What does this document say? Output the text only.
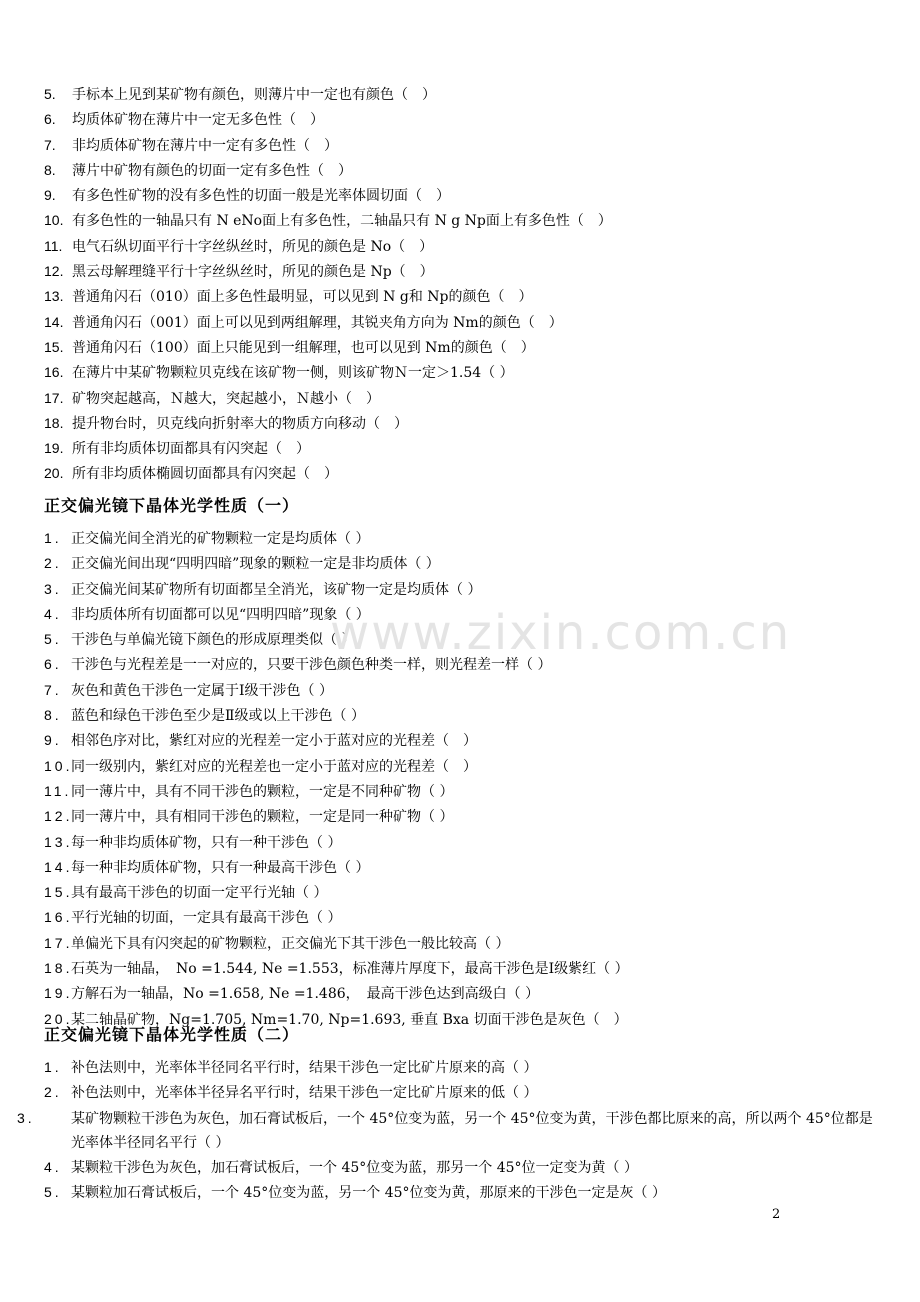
5. 手标本上见到某矿物有颜色，则薄片中一定也有颜色（　）
6. 均质体矿物在薄片中一定无多色性（　）
7. 非均质体矿物在薄片中一定有多色性（　）
8. 薄片中矿物有颜色的切面一定有多色性（　）
9. 有多色性矿物的没有多色性的切面一般是光率体圆切面（　）
10. 有多色性的一轴晶只有 N eNo面上有多色性，二轴晶只有 N g Np面上有多色性（　）
11. 电气石纵切面平行十字丝纵丝时，所见的颜色是 No（　）
12. 黑云母解理缝平行十字丝纵丝时，所见的颜色是 Np（　）
13. 普通角闪石（010）面上多色性最明显，可以见到 N g和 Np的颜色（　）
14. 普通角闪石（001）面上可以见到两组解理，其锐夹角方向为 Nm的颜色（　）
15. 普通角闪石（100）面上只能见到一组解理，也可以见到 Nm的颜色（　）
16. 在薄片中某矿物颗粒贝克线在该矿物一侧，则该矿物Ｎ一定＞1.54（ ）
17. 矿物突起越高，Ｎ越大，突起越小，Ｎ越小（　）
18. 提升物台时，贝克线向折射率大的物质方向移动（　）
19. 所有非均质体切面都具有闪突起（　）
20. 所有非均质体椭圆切面都具有闪突起（　）
正交偏光镜下晶体光学性质（一）
1. 正交偏光间全消光的矿物颗粒一定是均质体（ ）
2. 正交偏光间出现“四明四暗”现象的颗粒一定是非均质体（ ）
3. 正交偏光间某矿物所有切面都呈全消光，该矿物一定是均质体（ ）
4. 非均质体所有切面都可以见“四明四暗”现象（ ）
5. 干涉色与单偏光镜下颜色的形成原理类似（ ）
6. 干涉色与光程差是一一对应的，只要干涉色颜色种类一样，则光程差一样（ ）
7. 灰色和黄色干涉色一定属于Ⅰ级干涉色（ ）
8. 蓝色和绿色干涉色至少是Ⅱ级或以上干涉色（ ）
9. 相邻色序对比，紫红对应的光程差一定小于蓝对应的光程差（　）
10.同一级别内，紫红对应的光程差也一定小于蓝对应的光程差（　）
11.同一薄片中，具有不同干涉色的颗粒，一定是不同种矿物（ ）
12.同一薄片中，具有相同干涉色的颗粒，一定是同一种矿物（ ）
13.每一种非均质体矿物，只有一种干涉色（ ）
14.每一种非均质体矿物，只有一种最高干涉色（ ）
15.具有最高干涉色的切面一定平行光轴（ ）
16.平行光轴的切面，一定具有最高干涉色（ ）
17.单偏光下具有闪突起的矿物颗粒，正交偏光下其干涉色一般比较高（ ）
18.石英为一轴晶，　No =1.544, Ne =1.553，标准薄片厚度下，最高干涉色是Ⅰ级紫红（ ）
19.方解石为一轴晶，No =1.658, Ne =1.486，　最高干涉色达到高级白（ ）
20.某二轴晶矿物，Ng=1.705, Nm=1.70, Np=1.693, 垂直 Bxa 切面干涉色是灰色（　）
正交偏光镜下晶体光学性质（二）
1. 补色法则中，光率体半径同名平行时，结果干涉色一定比矿片原来的高（ ）
2. 补色法则中，光率体半径异名平行时，结果干涉色一定比矿片原来的低（ ）
3.	某矿物颗粒干涉色为灰色，加石膏试板后，一个 45°位变为蓝，另一个 45°位变为黄，干涉色都比原来的高，所以两个 45°位都是光率体半径同名平行（ ）
4. 某颗粒干涉色为灰色，加石膏试板后，一个 45°位变为蓝，那另一个 45°位一定变为黄（ ）
5. 某颗粒加石膏试板后，一个 45°位变为蓝，另一个 45°位变为黄，那原来的干涉色一定是灰（ ）
www.zixin.com.cn
2
